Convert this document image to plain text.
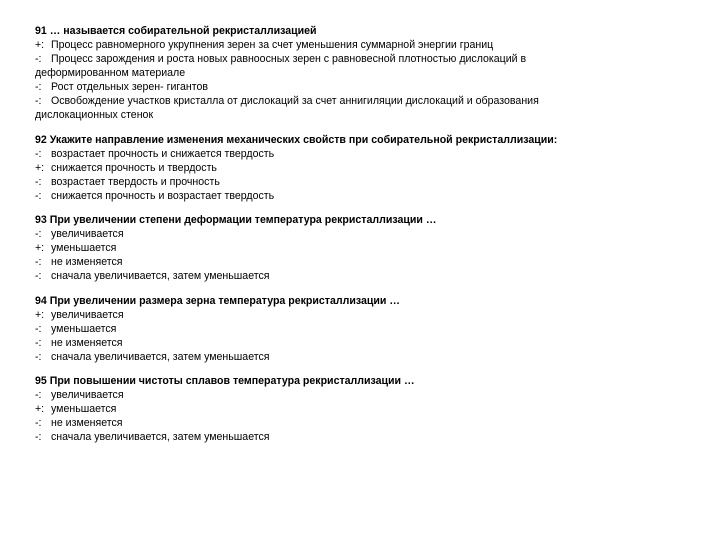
91 … называется собирательной рекристаллизацией

+: Процесс равномерного укрупнения зерен за счет уменьшения суммарной энергии границ

-: Процесс зарождения и роста новых равноосных зерен с равновесной плотностью дислокаций в деформированном материале

-: Рост отдельных зерен- гигантов

-: Освобождение участков кристалла от дислокаций за счет аннигиляции дислокаций и образования дислокационных стенок

92 Укажите направление изменения механических свойств при собирательной рекристаллизации:

-: возрастает прочность и снижается твердость

+: снижается прочность и твердость

-: возрастает твердость и прочность

-: снижается прочность и возрастает твердость

93 При увеличении степени деформации температура рекристаллизации …

-: увеличивается

+: уменьшается

-: не изменяется

-: сначала увеличивается, затем уменьшается

94 При увеличении размера зерна температура рекристаллизации …

+: увеличивается

-: уменьшается

-: не изменяется

-: сначала увеличивается, затем уменьшается

95 При повышении чистоты сплавов температура рекристаллизации …

-: увеличивается

+: уменьшается

-: не изменяется

-: сначала увеличивается, затем уменьшается
